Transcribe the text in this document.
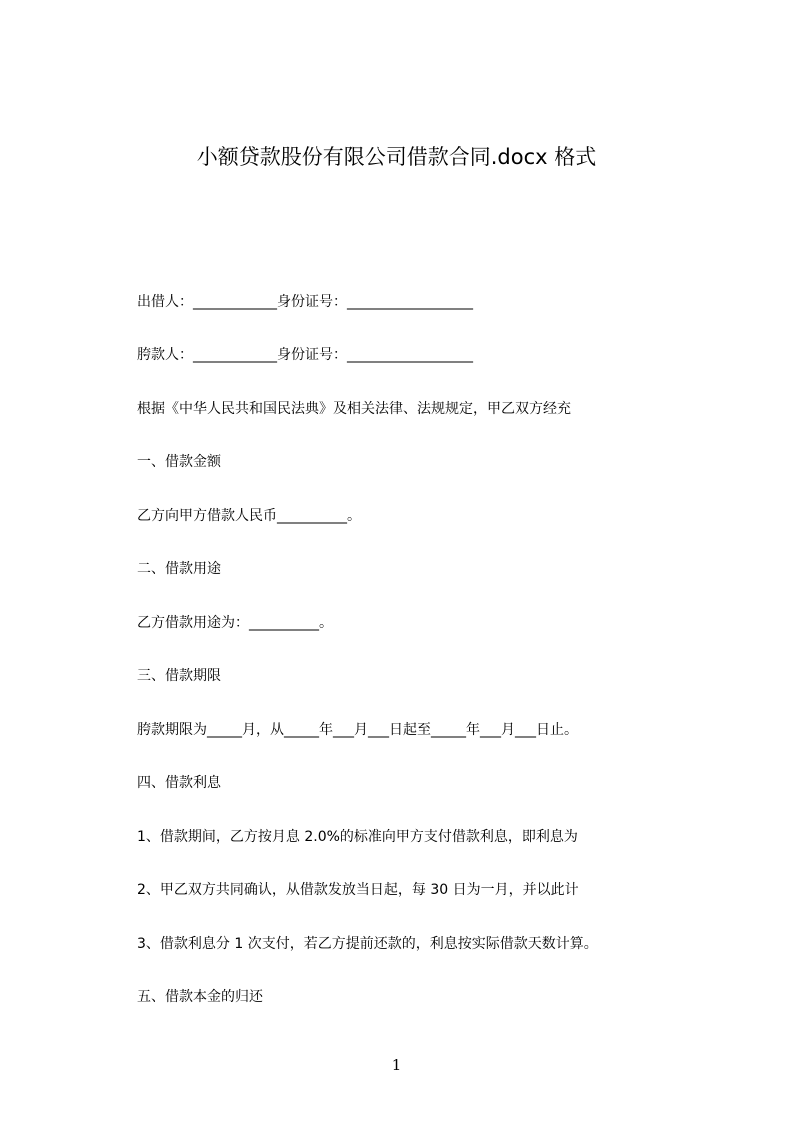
小额贷款股份有限公司借款合同.docx 格式
出借人：____________身份证号：__________________
胯款人：____________身份证号：__________________
根据《中华人民共和国民法典》及相关法律、法规规定，甲乙双方经充
一、借款金额
乙方向甲方借款人民币__________。
二、借款用途
乙方借款用途为：__________。
三、借款期限
胯款期限为_____月，从_____年___月___日起至_____年___月___日止。
四、借款利息
1、借款期间，乙方按月息 2.0%的标准向甲方支付借款利息，即利息为
2、甲乙双方共同确认，从借款发放当日起，每 30 日为一月，并以此计
3、借款利息分 1 次支付，若乙方提前还款的，利息按实际借款天数计算。
五、借款本金的归还
1
